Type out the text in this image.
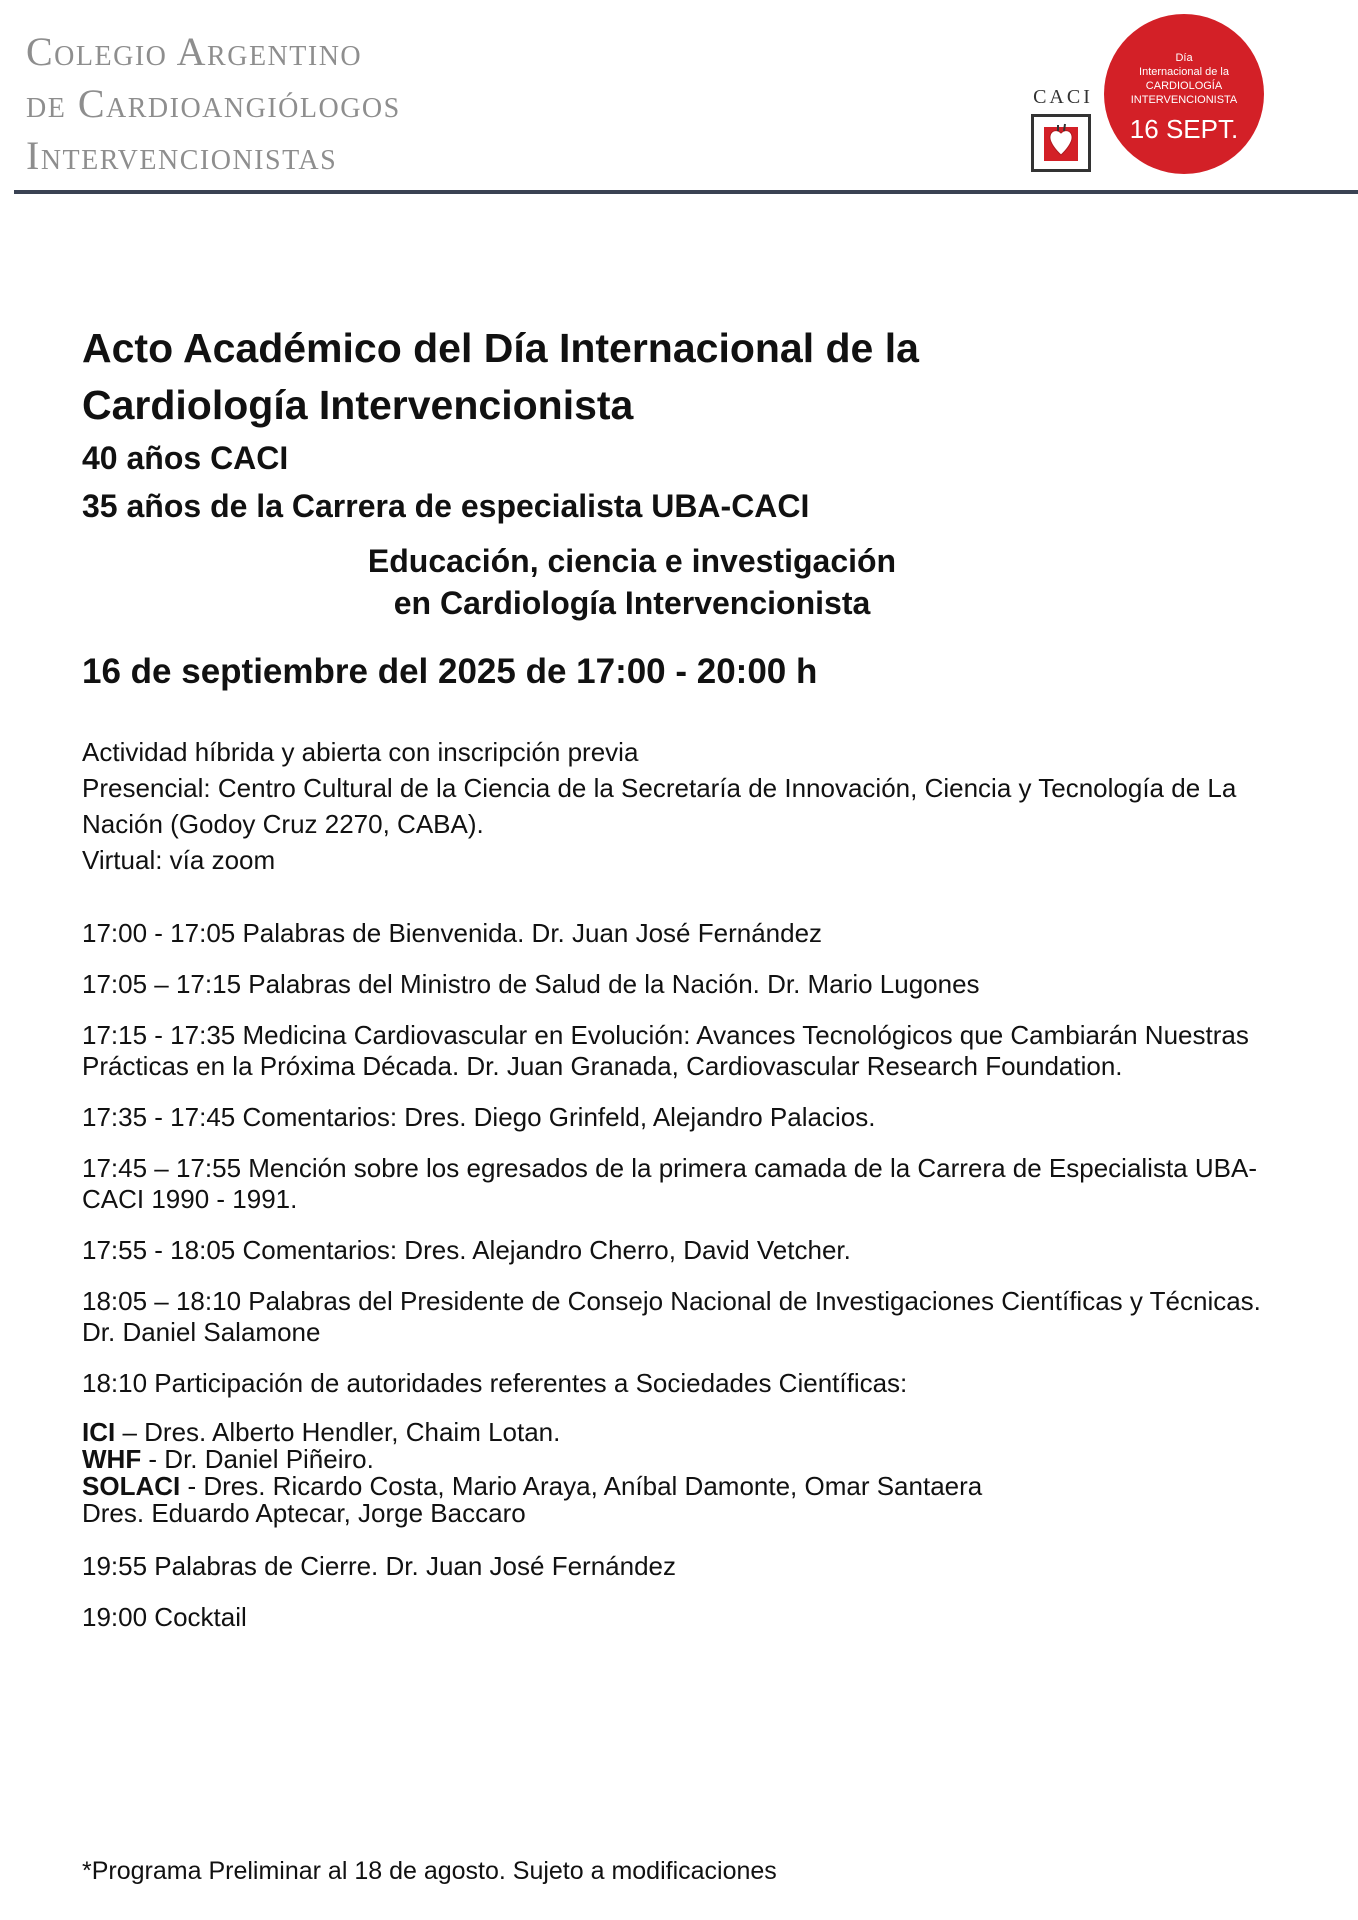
Colegio Argentino
de Cardioangiólogos
Intervencionistas
CACI
Día
Internacional de la
CARDIOLOGÍA
INTERVENCIONISTA
16 SEPT.
Acto Académico del Día Internacional de la
Cardiología Intervencionista
40 años CACI
35 años de la Carrera de especialista UBA-CACI
Educación, ciencia e investigación
en Cardiología Intervencionista
16 de septiembre del 2025 de 17:00 - 20:00 h
Actividad híbrida y abierta con inscripción previa
Presencial: Centro Cultural de la Ciencia de la Secretaría de Innovación, Ciencia y Tecnología de La Nación (Godoy Cruz 2270, CABA).
Virtual: vía zoom
17:00 - 17:05 Palabras de Bienvenida. Dr. Juan José Fernández
17:05 – 17:15 Palabras del Ministro de Salud de la Nación. Dr. Mario Lugones
17:15 - 17:35 Medicina Cardiovascular en Evolución: Avances Tecnológicos que Cambiarán Nuestras Prácticas en la Próxima Década. Dr. Juan Granada, Cardiovascular Research Foundation.
17:35 - 17:45 Comentarios: Dres. Diego Grinfeld, Alejandro Palacios.
17:45 – 17:55 Mención sobre los egresados de la primera camada de la Carrera de Especialista UBA-CACI 1990 - 1991.
17:55 - 18:05 Comentarios: Dres. Alejandro Cherro, David Vetcher.
18:05 – 18:10 Palabras del Presidente de Consejo Nacional de Investigaciones Científicas y Técnicas. Dr. Daniel Salamone
18:10 Participación de autoridades referentes a Sociedades Científicas:
ICI – Dres. Alberto Hendler, Chaim Lotan.
WHF - Dr. Daniel Piñeiro.
SOLACI - Dres. Ricardo Costa, Mario Araya, Aníbal Damonte, Omar Santaera
Dres. Eduardo Aptecar, Jorge Baccaro
19:55 Palabras de Cierre. Dr. Juan José Fernández
19:00 Cocktail
*Programa Preliminar al 18 de agosto. Sujeto a modificaciones
